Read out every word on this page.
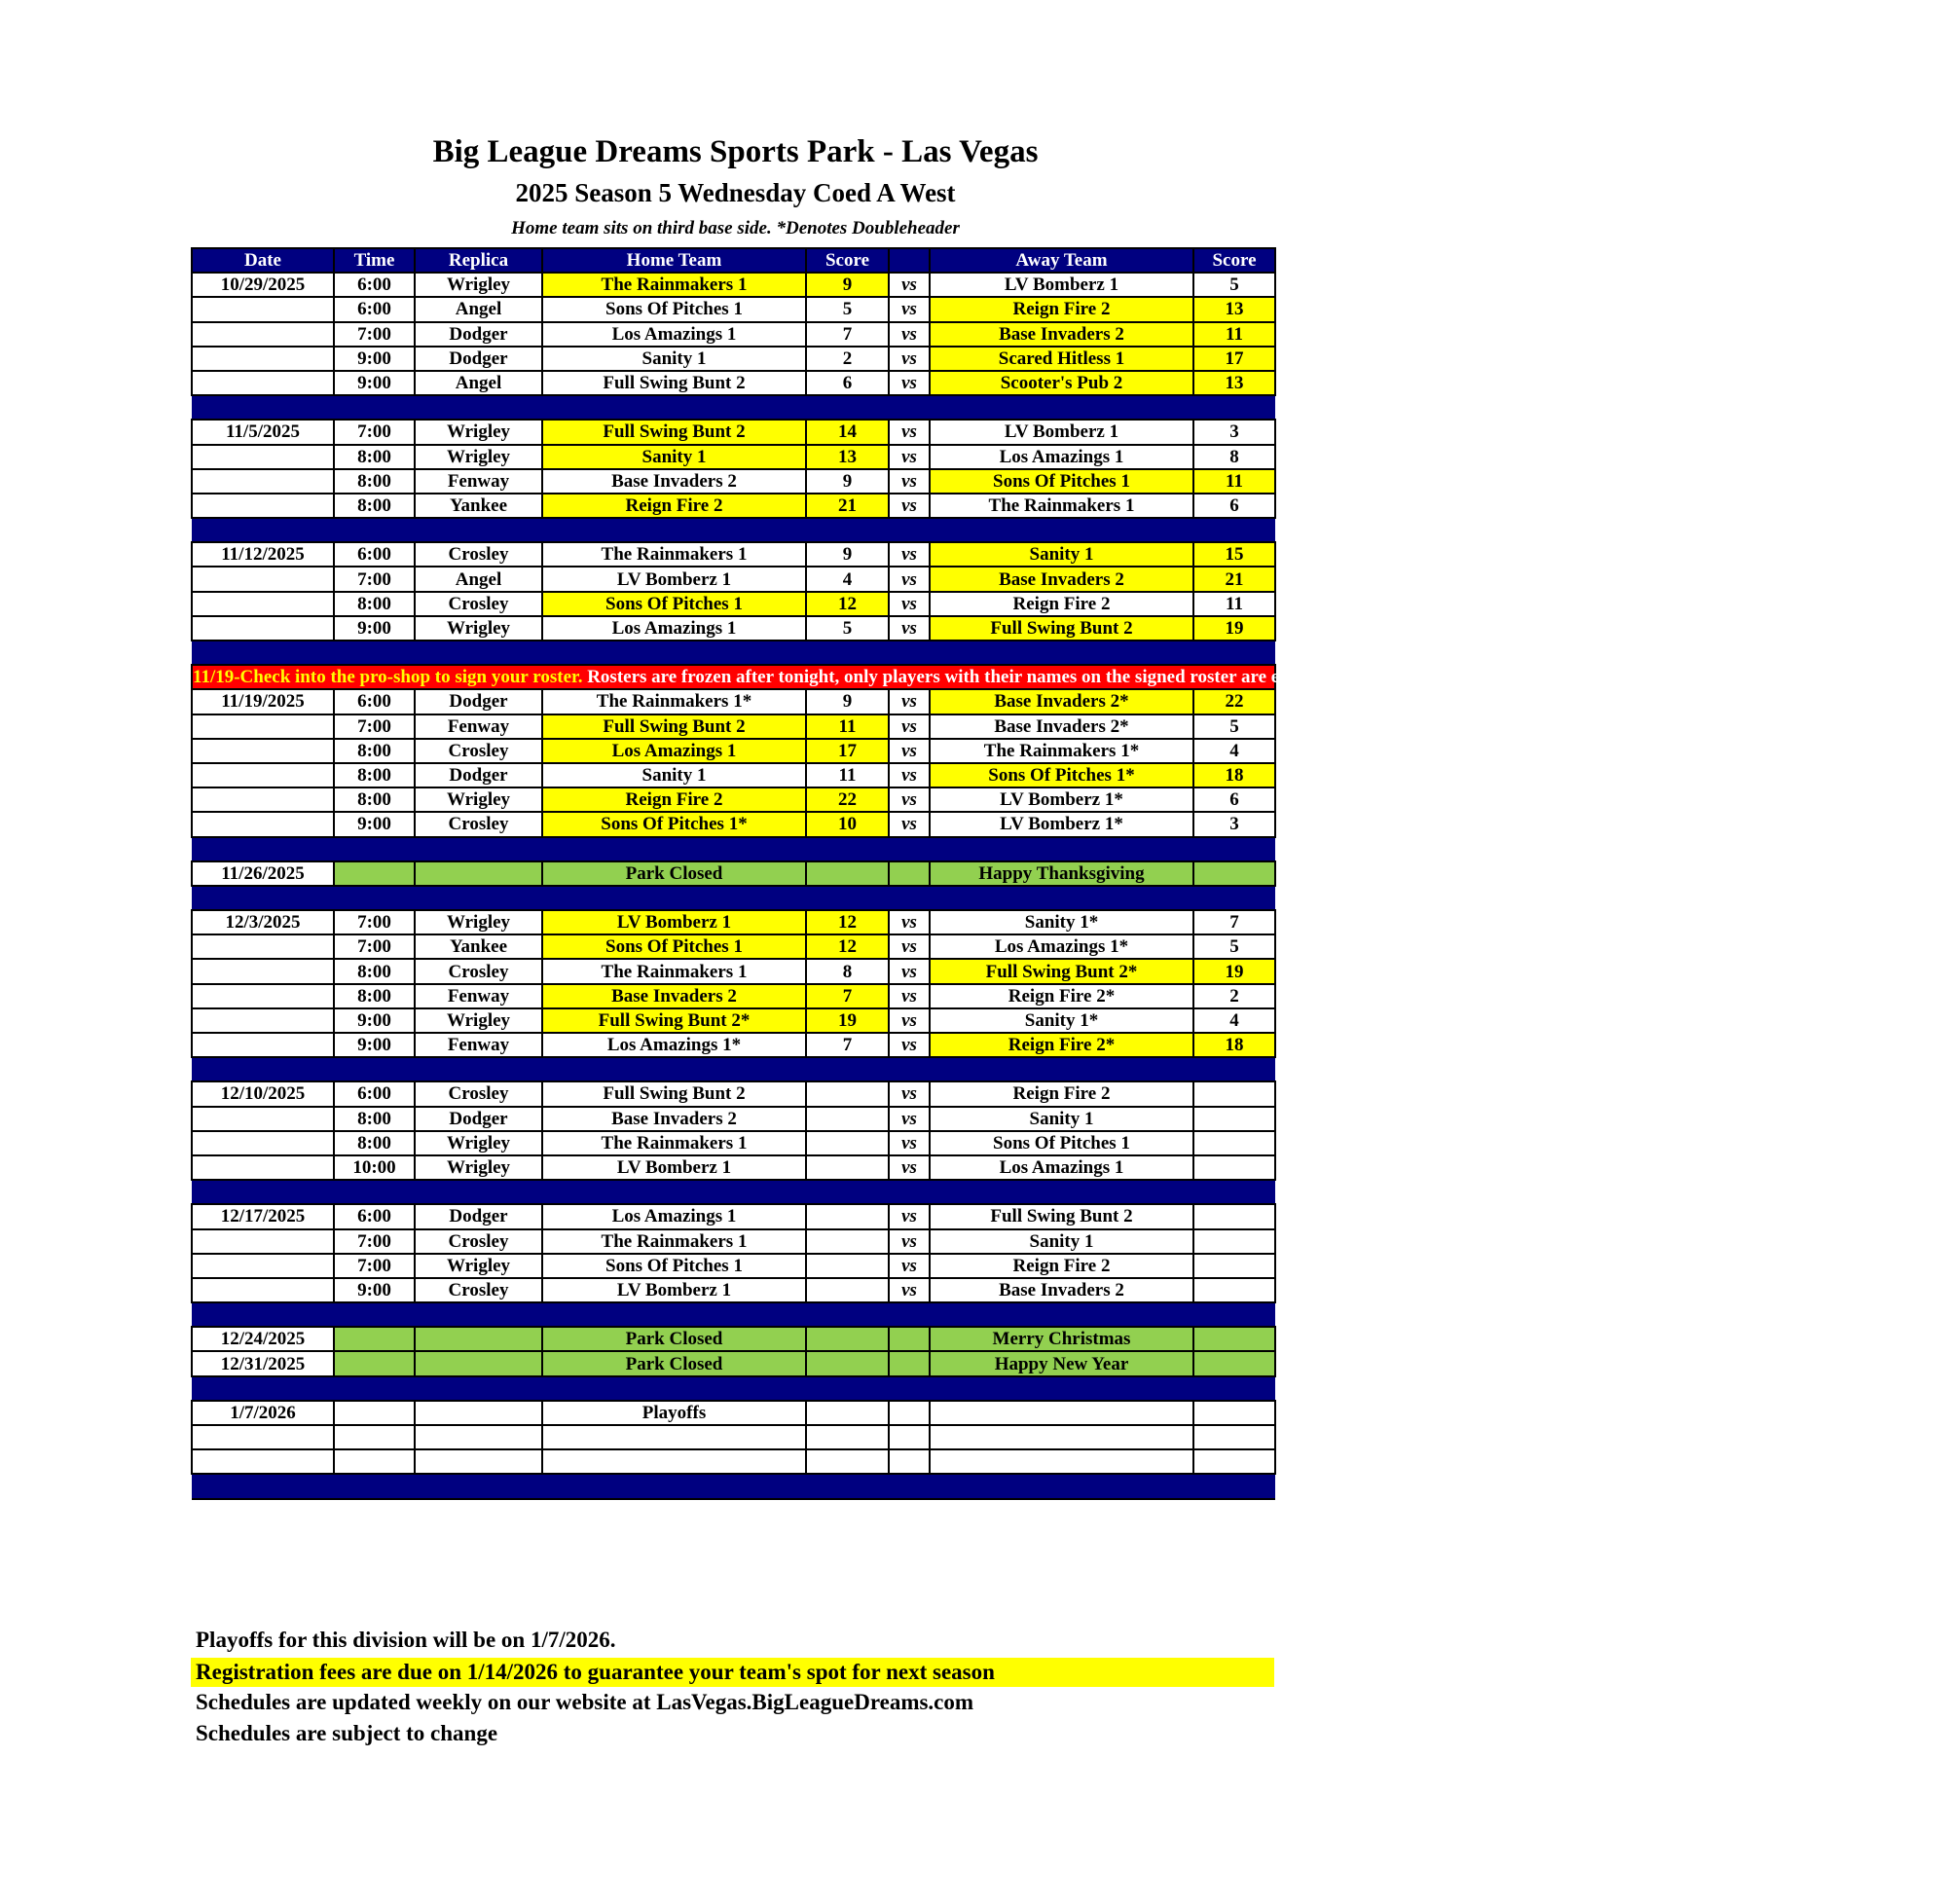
Big League Dreams Sports Park - Las Vegas
2025 Season 5 Wednesday Coed A West
Home team sits on third base side. *Denotes Doubleheader
Date	Time	Replica	Home Team	Score		Away Team	Score
10/29/2025	6:00	Wrigley	The Rainmakers 1	9	vs	LV Bomberz 1	5
	6:00	Angel	Sons Of Pitches 1	5	vs	Reign Fire 2	13
	7:00	Dodger	Los Amazings 1	7	vs	Base Invaders 2	11
	9:00	Dodger	Sanity 1	2	vs	Scared Hitless 1	17
	9:00	Angel	Full Swing Bunt 2	6	vs	Scooter's Pub 2	13

11/5/2025	7:00	Wrigley	Full Swing Bunt 2	14	vs	LV Bomberz 1	3
	8:00	Wrigley	Sanity 1	13	vs	Los Amazings 1	8
	8:00	Fenway	Base Invaders 2	9	vs	Sons Of Pitches 1	11
	8:00	Yankee	Reign Fire 2	21	vs	The Rainmakers 1	6

11/12/2025	6:00	Crosley	The Rainmakers 1	9	vs	Sanity 1	15
	7:00	Angel	LV Bomberz 1	4	vs	Base Invaders 2	21
	8:00	Crosley	Sons Of Pitches 1	12	vs	Reign Fire 2	11
	9:00	Wrigley	Los Amazings 1	5	vs	Full Swing Bunt 2	19

11/19-Check into the pro-shop to sign your roster. Rosters are frozen after tonight, only players with their names on the signed roster are eligible for playoffs. Please check carefully as changes will not be made for omissions.							
11/19/2025	6:00	Dodger	The Rainmakers 1*	9	vs	Base Invaders 2*	22
	7:00	Fenway	Full Swing Bunt 2	11	vs	Base Invaders 2*	5
	8:00	Crosley	Los Amazings 1	17	vs	The Rainmakers 1*	4
	8:00	Dodger	Sanity 1	11	vs	Sons Of Pitches 1*	18
	8:00	Wrigley	Reign Fire 2	22	vs	LV Bomberz 1*	6
	9:00	Crosley	Sons Of Pitches 1*	10	vs	LV Bomberz 1*	3

11/26/2025			Park Closed			Happy Thanksgiving	

12/3/2025	7:00	Wrigley	LV Bomberz 1	12	vs	Sanity 1*	7
	7:00	Yankee	Sons Of Pitches 1	12	vs	Los Amazings 1*	5
	8:00	Crosley	The Rainmakers 1	8	vs	Full Swing Bunt 2*	19
	8:00	Fenway	Base Invaders 2	7	vs	Reign Fire 2*	2
	9:00	Wrigley	Full Swing Bunt 2*	19	vs	Sanity 1*	4
	9:00	Fenway	Los Amazings 1*	7	vs	Reign Fire 2*	18

12/10/2025	6:00	Crosley	Full Swing Bunt 2		vs	Reign Fire 2	
	8:00	Dodger	Base Invaders 2		vs	Sanity 1	
	8:00	Wrigley	The Rainmakers 1		vs	Sons Of Pitches 1	
	10:00	Wrigley	LV Bomberz 1		vs	Los Amazings 1	

12/17/2025	6:00	Dodger	Los Amazings 1		vs	Full Swing Bunt 2	
	7:00	Crosley	The Rainmakers 1		vs	Sanity 1	
	7:00	Wrigley	Sons Of Pitches 1		vs	Reign Fire 2	
	9:00	Crosley	LV Bomberz 1		vs	Base Invaders 2	

12/24/2025			Park Closed			Merry Christmas	
12/31/2025			Park Closed			Happy New Year	

1/7/2026			Playoffs				

Playoffs for this division will be on 1/7/2026.
Registration fees are due on 1/14/2026 to guarantee your team's spot for next season
Schedules are updated weekly on our website at LasVegas.BigLeagueDreams.com
Schedules are subject to change
